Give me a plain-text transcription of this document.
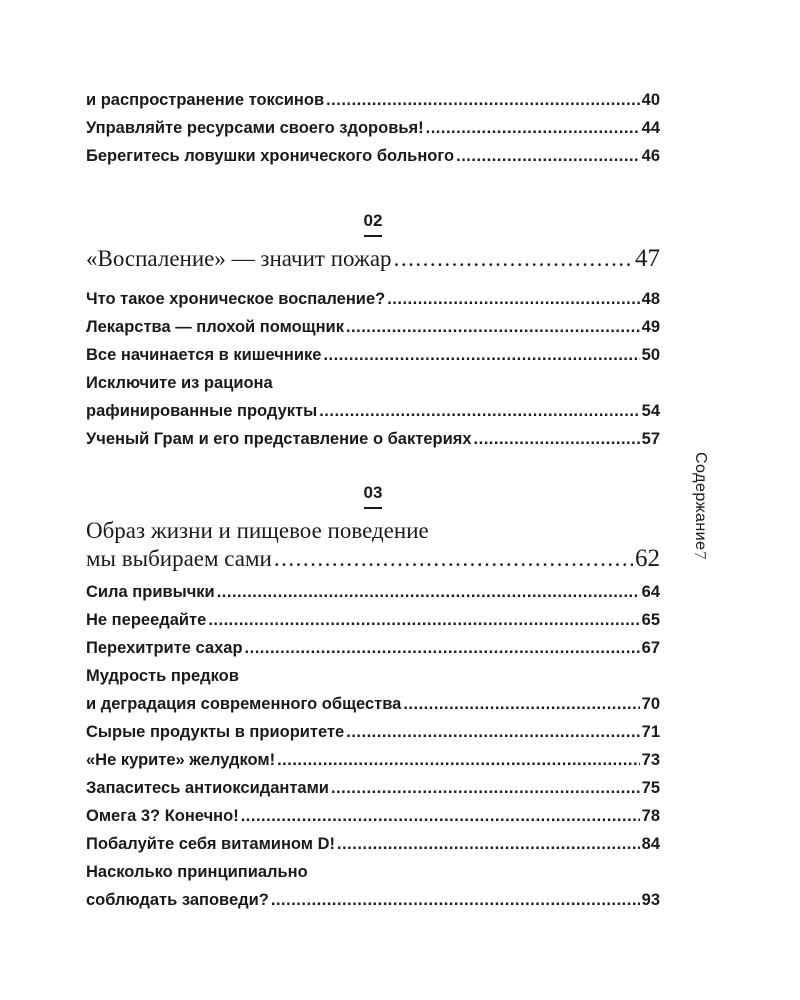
и распространение токсинов .....	40
Управляйте ресурсами своего здоровья! .....	44
Берегитесь ловушки хронического больного .....	46
02
«Воспаление» — значит пожар .....	47
Что такое хроническое воспаление? .....	48
Лекарства — плохой помощник .....	49
Все начинается в кишечнике .....	50
Исключите из рациона
рафинированные продукты .....	54
Ученый Грам и его представление о бактериях .....	57
03
Образ жизни и пищевое поведение
мы выбираем сами .....	62
Сила привычки .....	64
Не переедайте .....	65
Перехитрите сахар .....	67
Мудрость предков
и деградация современного общества .....	70
Сырые продукты в приоритете .....	71
«Не курите» желудком! .....	73
Запаситесь антиоксидантами .....	75
Омега 3? Конечно! .....	78
Побалуйте себя витамином D! .....	84
Насколько принципиально
соблюдать заповеди? .....	93
Содержание
7
